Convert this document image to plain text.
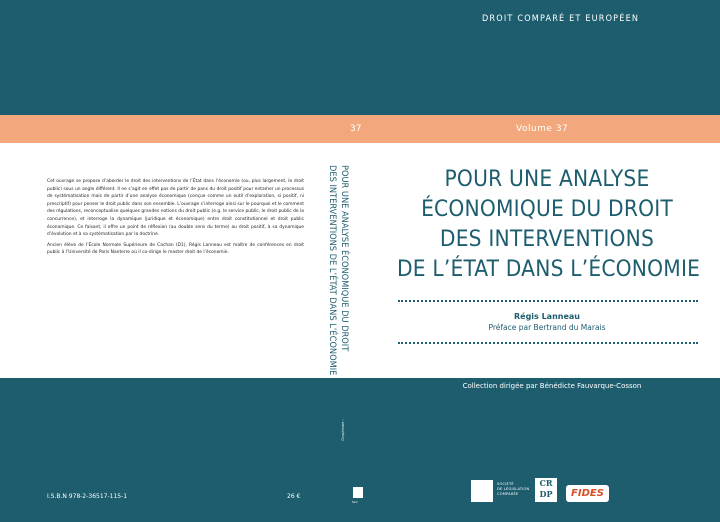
DROIT COMPARÉ ET EUROPÉEN
37	Volume 37

Cet ouvrage se propose d’aborder le droit des interventions de l’État dans l’économie (ou, plus largement, le droit public) sous un angle différent. Il ne s’agit en effet pas de partir de pans du droit positif pour entamer un processus de systématisation mais de partir d’une analyse économique (conçue comme un outil d’exploration, si positif, ni prescriptif) pour penser le droit public dans son ensemble. L’ouvrage s’interroge ainsi sur le pourquoi et le comment des régulations, reconceptualise quelques grandes notions du droit public (e.g. le service public, le droit public de la concurrence), et interroge la dynamique (juridique et économique) entre droit constitutionnel et droit public économique. Ce faisant, il offre un point de réflexion (au double sens du terme) au droit positif, à sa dynamique d’évolution et à sa systématisation par la doctrine.

Ancien élève de l’École Normale Supérieure de Cachan (D1), Régis Lanneau est maître de conférences en droit public à l’Université de Paris Nanterre où il co-dirige le master droit de l’économie.	POUR UNE ANALYSE ÉCONOMIQUE DU DROIT
DES INTERVENTIONS DE L’ÉTAT DANS L’ÉCONOMIE
Graphisme :
POUR UNE ANALYSE
ÉCONOMIQUE DU DROIT
DES INTERVENTIONS
DE L’ÉTAT DANS L’ÉCONOMIE
Régis Lanneau
Préface par Bertrand du Marais
Collection dirigée par Bénédicte Fauvarque-Cosson
I.S.B.N 978-2-36517-115-1	26 €
SLC
SOCIÉTÉ
DE LÉGISLATION
COMPARÉE
CR
DP	FIDES
